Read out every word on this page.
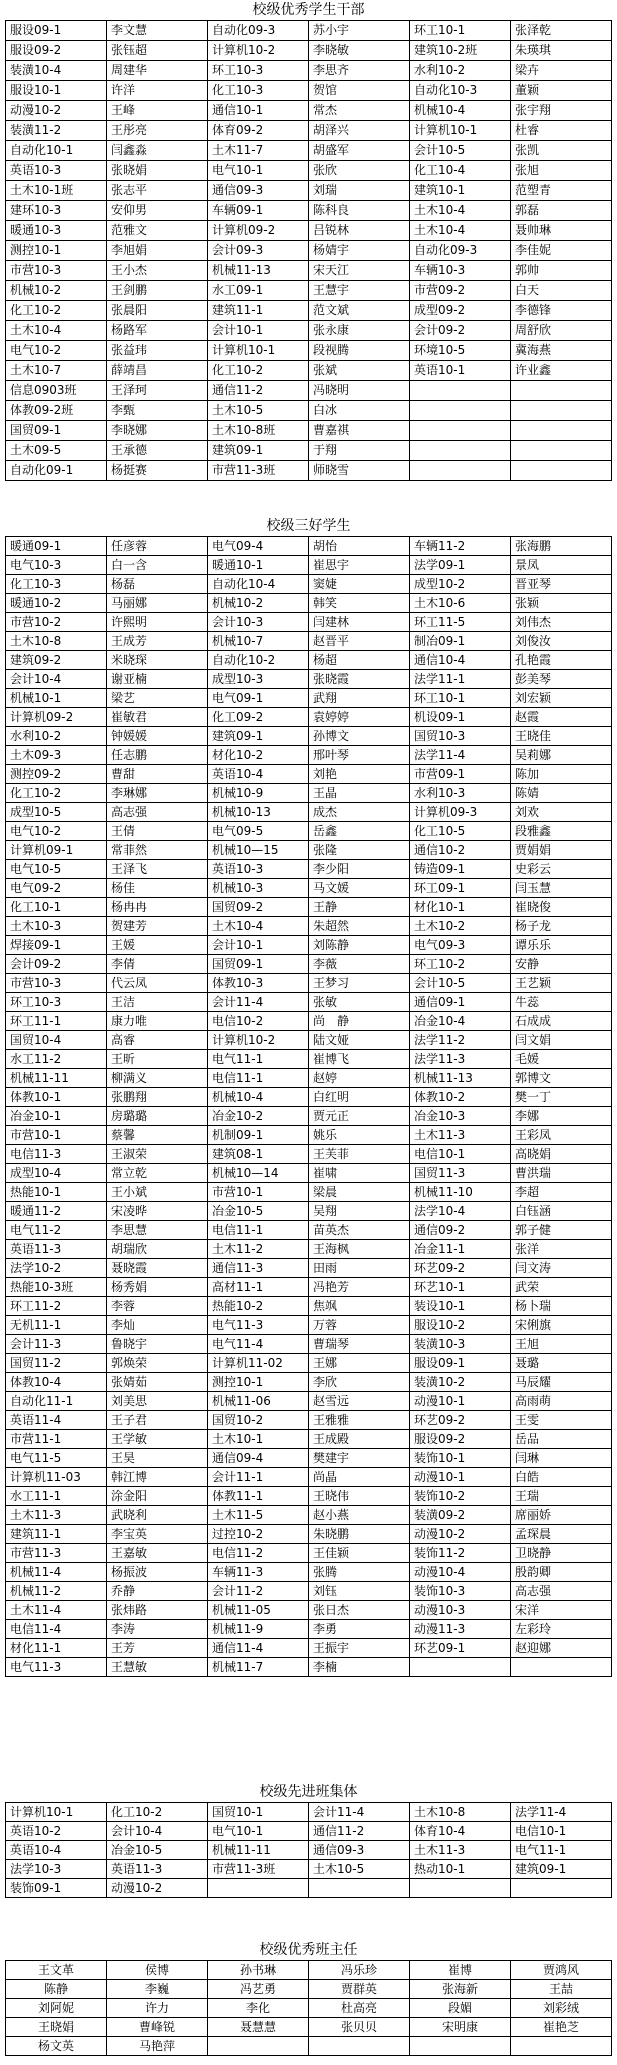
校级优秀学生干部
服设09-1	李文慧	自动化09-3	苏小宇	环工10-1	张泽乾
服设09-2	张钰超	计算机10-2	李晓敏	建筑10-2班	朱瑛琪
装潢10-4	周建华	环工10-3	李思齐	水利10-2	梁卉
服设10-1	许洋	化工10-3	贺馆	自动化10-3	董颖
动漫10-2	王峰	通信10-1	常杰	机械10-4	张宇翔
装潢11-2	王彤亮	体育09-2	胡泽兴	计算机10-1	杜睿
自动化10-1	闫鑫淼	土木11-7	胡盛军	会计10-5	张凯
英语10-3	张晓娟	电气10-1	张欣	化工10-4	张旭
土木10-1班	张志平	通信09-3	刘瑞	建筑10-1	范塑青
建环10-3	安仰男	车辆09-1	陈科良	土木10-4	郭磊
暖通10-3	范雅文	计算机09-2	吕锐林	土木10-4	聂帅琳
测控10-1	李旭娟	会计09-3	杨婧宇	自动化09-3	李佳妮
市营10-3	王小杰	机械11-13	宋天江	车辆10-3	郭帅
机械10-2	王剑鹏	水工09-1	王慧宇	市营09-2	白天
化工10-2	张晨阳	建筑11-1	范文斌	成型09-2	李德锋
土木10-4	杨路军	会计10-1	张永康	会计09-2	周舒欣
电气10-2	张益玮	计算机10-1	段视腾	环境10-5	冀海燕
土木10-7	薛靖昌	化工10-2	张斌	英语10-1	许业鑫
信息0903班	王泽珂	通信11-2	冯晓明		
体教09-2班	李甄	土木10-5	白冰		
国贸09-1	李晓娜	土木10-8班	曹嘉祺		
土木09-5	王承德	建筑09-1	于翔		
自动化09-1	杨挺赛	市营11-3班	师晓雪		
校级三好学生
暖通09-1	任彦蓉	电气09-4	胡怡	车辆11-2	张海鹏
电气10-3	白一含	暖通10-1	崔思宇	法学09-1	景凤
化工10-3	杨磊	自动化10-4	窦婕	成型10-2	晋亚琴
暖通10-2	马丽娜	机械10-2	韩笑	土木10-6	张颖
市营10-2	许熙明	会计10-3	闫建林	环工11-5	刘伟杰
土木10-8	王成芳	机械10-7	赵晋平	制冶09-1	刘俊汝
建筑09-2	米晓琛	自动化10-2	杨超	通信10-4	孔艳霞
会计10-4	谢亚楠	成型10-3	张晓霞	法学11-1	彭美琴
机械10-1	梁艺	电气09-1	武翔	环工10-1	刘宏颖
计算机09-2	崔敏君	化工09-2	袁婷婷	机设09-1	赵霞
水利10-2	钟媛媛	建筑09-1	孙博文	国贸10-3	王晓佳
土木09-3	任志鹏	材化10-2	邢叶琴	法学11-4	吴莉娜
测控09-2	曹甜	英语10-4	刘艳	市营09-1	陈加
化工10-2	李琳娜	机械10-9	王晶	水利10-3	陈婧
成型10-5	高志强	机械10-13	成杰	计算机09-3	刘欢
电气10-2	王倩	电气09-5	岳鑫	化工10-5	段雅鑫
计算机09-1	常菲然	机械10—15	张隆	通信10-2	贾娟娟
电气10-5	王泽飞	英语10-3	李少阳	铸造09-1	史彩云
电气09-2	杨佳	机械10-3	马文媛	环工09-1	闫玉慧
化工10-1	杨冉冉	国贸09-2	王静	材化10-1	崔晓俊
土木10-3	贺建芳	土木10-4	朱超然	土木10-2	杨子龙
焊接09-1	王媛	会计10-1	刘陈静	电气09-3	谭乐乐
会计09-2	李倩	国贸09-1	李薇	环工10-2	安静
市营10-3	代云凤	体教10-3	王梦习	会计10-5	王艺颖
环工10-3	王洁	会计11-4	张敏	通信09-1	牛蕊
环工11-1	康力唯	电信10-2	尚　静	冶金10-4	石成成
国贸10-4	高睿	计算机10-2	陆文娅	法学11-2	闫文娟
水工11-2	王昕	电气11-1	崔博飞	法学11-3	毛媛
机械11-11	柳满义	电信11-1	赵婷	机械11-13	郭博文
体教10-1	张鹏翔	机械10-4	白红明	体教10-2	樊一丁
冶金10-1	房璐璐	冶金10-2	贾元正	冶金10-3	李娜
市营10-1	蔡馨	机制09-1	姚乐	土木11-3	王彩凤
电信11-3	王淑荣	建筑08-1	王芙菲	电信10-1	高晓娟
成型10-4	常立乾	机械10—14	崔啸	国贸11-3	曹洪瑞
热能10-1	王小斌	市营10-1	梁晨	机械11-10	李超
暖通11-2	宋凌晔	冶金10-5	吴翔	法学10-4	白钰涵
电气11-2	李思慧	电信11-1	苗英杰	通信09-2	郭子健
英语11-3	胡瑞欣	土木11-2	王海枫	冶金11-1	张洋
法学10-2	聂晓霞	通信11-3	田雨	环艺09-2	闫文涛
热能10-3班	杨秀娟	高材11-1	冯艳芳	环艺10-1	武荣
环工11-2	李蓉	热能10-2	焦飒	装设10-1	杨卜瑞
无机11-1	李灿	电气11-3	万蓉	服设10-2	宋俐旗
会计11-3	鲁晓宇	电气11-4	曹瑞琴	装潢10-3	王旭
国贸11-2	郭焕荣	计算机11-02	王娜	服设09-1	聂璐
体教10-4	张婧茹	测控10-1	李欣	装潢10-2	马辰耀
自动化11-1	刘美思	机械11-06	赵雪远	动漫10-1	高雨萌
英语11-4	王子君	国贸10-2	王雅雅	环艺09-2	王雯
市营11-1	王学敏	土木10-1	王成殿	服设09-2	岳品
电气11-5	王昊	通信09-4	樊建宇	装饰10-1	闫琳
计算机11-03	韩江博	会计11-1	尚晶	动漫10-1	白皓
水工11-1	涂金阳	体教11-1	王晓伟	装饰10-2	王瑞
土木11-3	武晓利	土木11-5	赵小燕	装潢09-2	席丽娇
建筑11-1	李宝英	过控10-2	朱晓鹏	动漫10-2	孟琛晨
市营11-3	王嘉敏	电信11-2	王佳颖	装饰11-2	卫晓静
机械11-4	杨振波	车辆11-3	张腾	动漫10-4	殷韵卿
机械11-2	乔静	会计11-2	刘钰	装饰10-3	高志强
土木11-4	张炜路	机械11-05	张日杰	动漫10-3	宋洋
电信11-4	李涛	机械11-9	李勇	动漫11-3	左彩玲
材化11-1	王芳	通信11-4	王振宇	环艺09-1	赵迎娜
电气11-3	王慧敏	机械11-7	李楠		
校级先进班集体
计算机10-1	化工10-2	国贸10-1	会计11-4	土木10-8	法学11-4
英语10-2	会计10-4	电气10-1	通信11-2	体育10-4	电信10-1
英语10-4	冶金10-5	机械11-11	通信09-3	土木11-3	电气11-1
法学10-3	英语11-3	市营11-3班	土木10-5	热动10-1	建筑09-1
装饰09-1	动漫10-2				
校级优秀班主任
王文革	侯博	孙书琳	冯乐珍	崔博	贾鸿风
陈静	李巍	冯艺勇	贾群英	张海新	王喆
刘阿妮	许力	李化	杜高亮	段媚	刘彩绒
王晓娟	曹峰锐	聂慧慧	张贝贝	宋明康	崔艳芝
杨文英	马艳萍				
